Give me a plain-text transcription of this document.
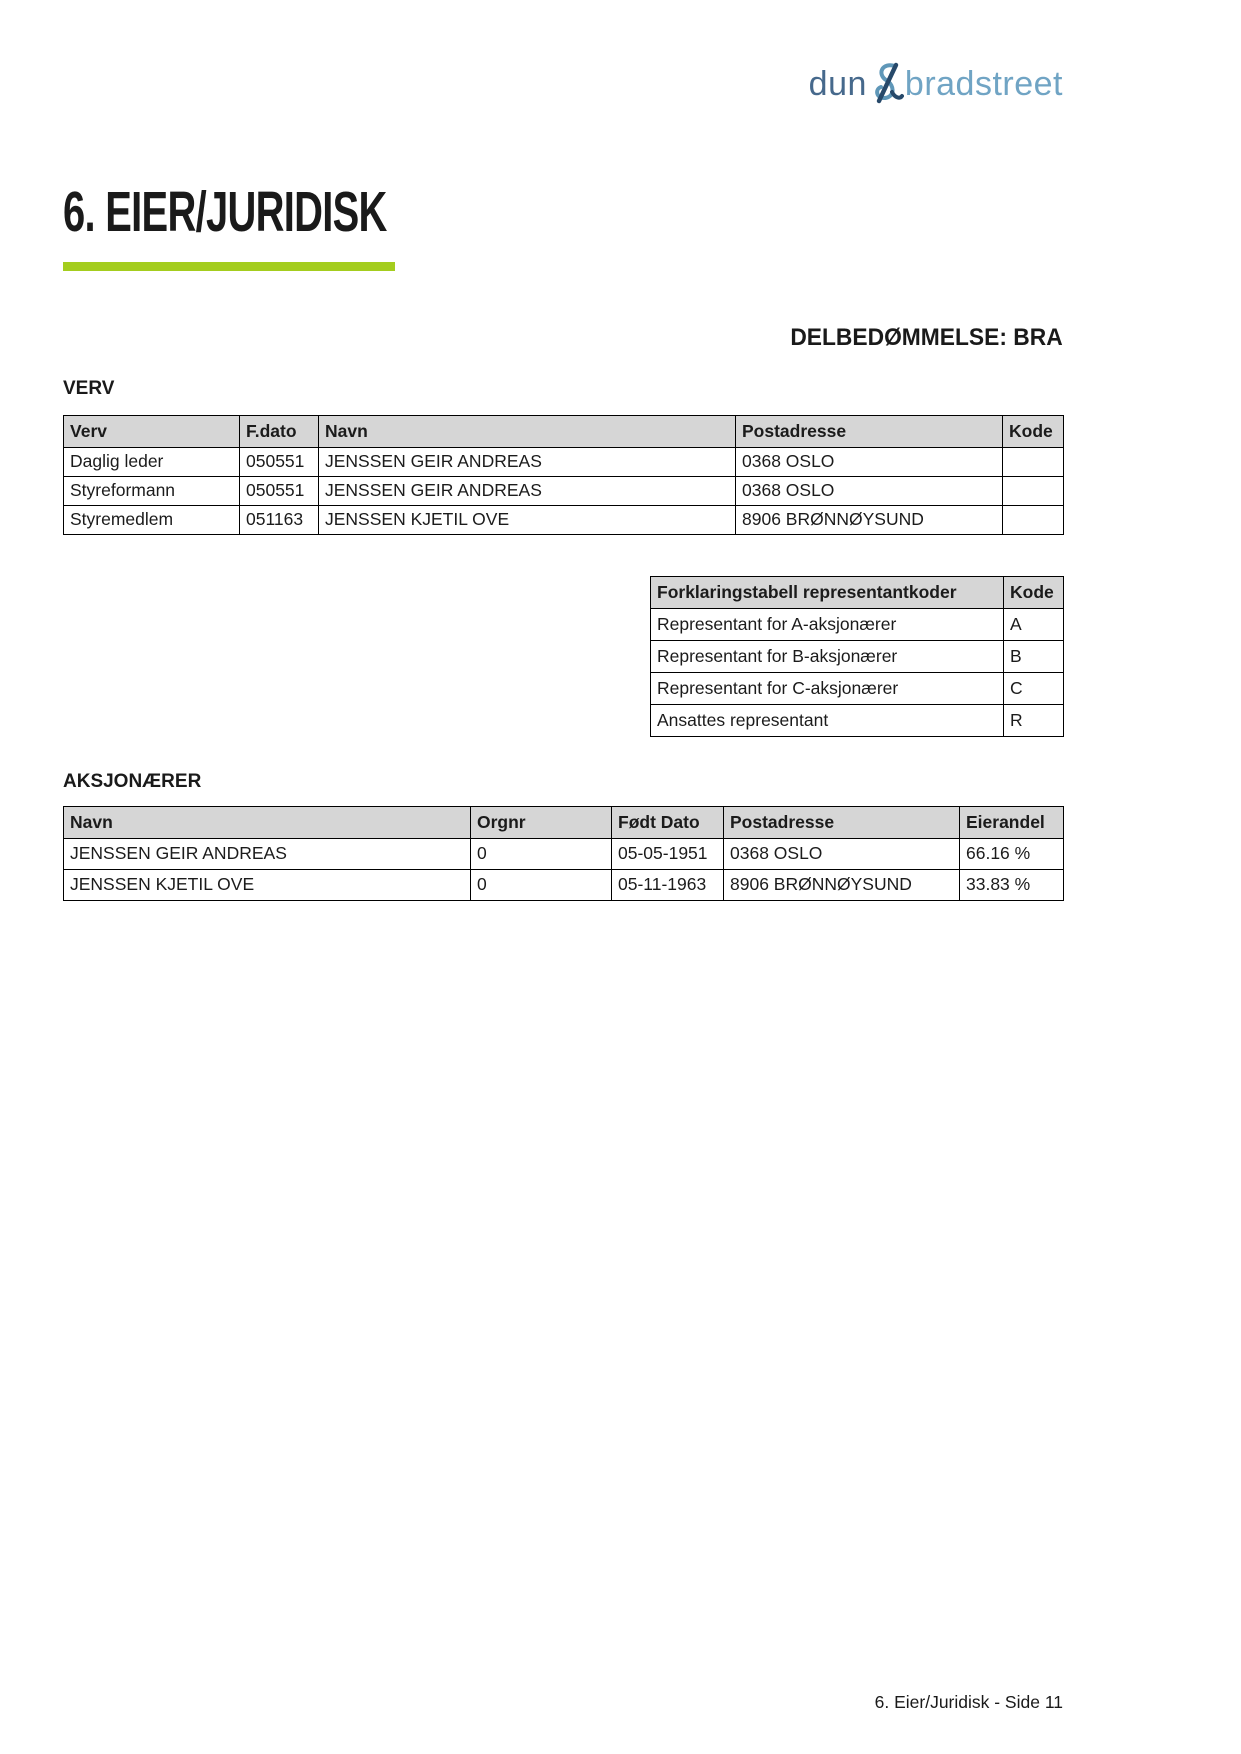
dun bradstreet
6. EIER/JURIDISK
DELBEDØMMELSE: BRA
VERV
Verv	F.dato	Navn	Postadresse	Kode
Daglig leder	050551	JENSSEN GEIR ANDREAS	0368 OSLO	
Styreformann	050551	JENSSEN GEIR ANDREAS	0368 OSLO	
Styremedlem	051163	JENSSEN KJETIL OVE	8906 BRØNNØYSUND	
Forklaringstabell representantkoder	Kode
Representant for A-aksjonærer	A
Representant for B-aksjonærer	B
Representant for C-aksjonærer	C
Ansattes representant	R
AKSJONÆRER
Navn	Orgnr	Født Dato	Postadresse	Eierandel
JENSSEN GEIR ANDREAS	0	05-05-1951	0368 OSLO	66.16 %
JENSSEN KJETIL OVE	0	05-11-1963	8906 BRØNNØYSUND	33.83 %
6. Eier/Juridisk - Side 11
